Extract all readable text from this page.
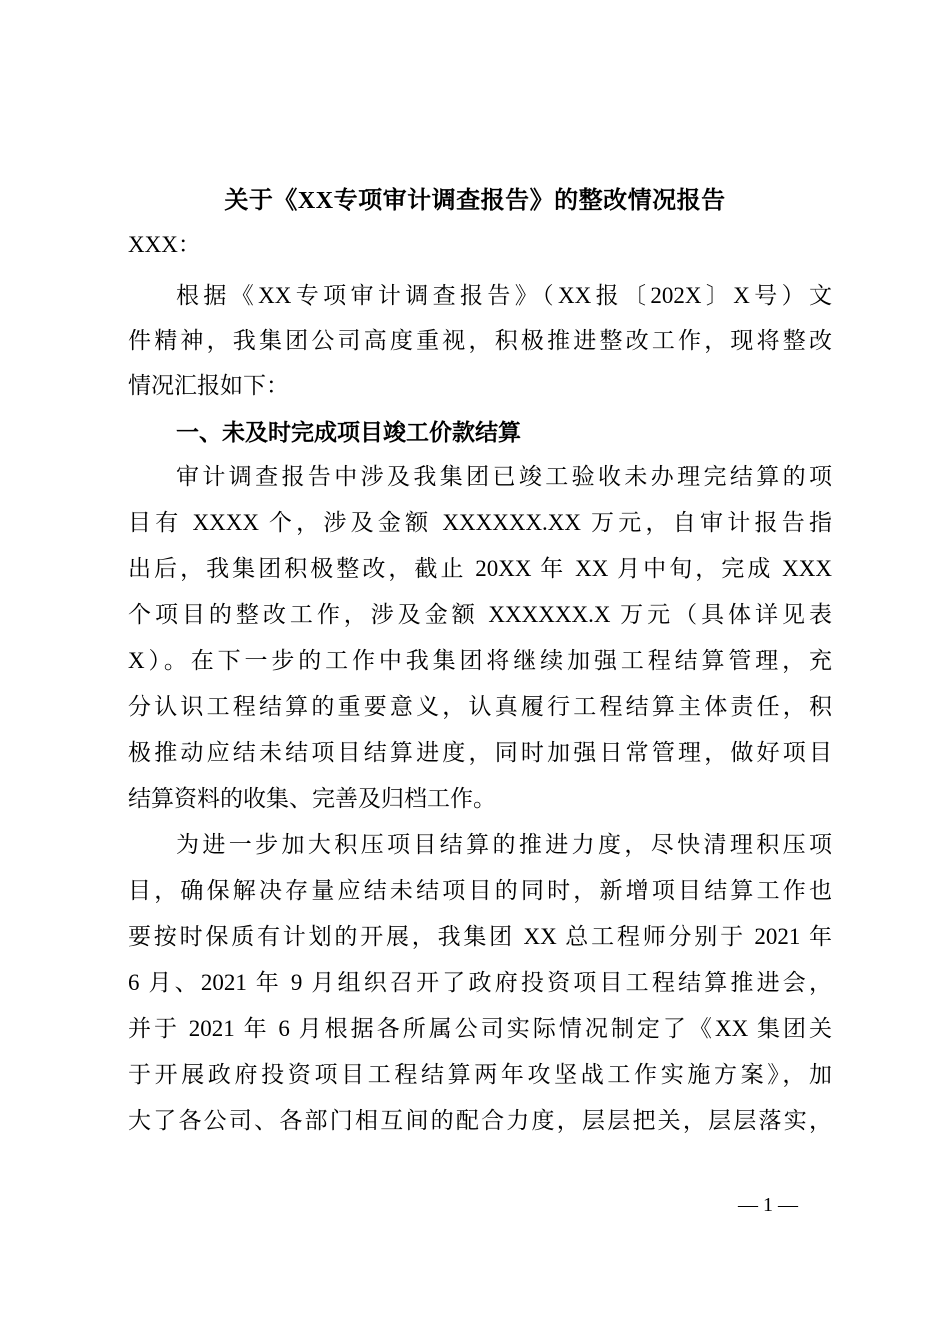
关于《XX专项审计调查报告》的整改情况报告
XXX：
根据《XX专项审计调查报告》（XX报〔202X〕X号）文
件精神，我集团公司高度重视，积极推进整改工作，现将整改
情况汇报如下：
一、未及时完成项目竣工价款结算
审计调查报告中涉及我集团已竣工验收未办理完结算的项
目有 XXXX 个，涉及金额 XXXXXX.XX 万元，自审计报告指
出后，我集团积极整改，截止 20XX 年 XX 月中旬，完成 XXX
个项目的整改工作，涉及金额 XXXXXX.X 万元（具体详见表
X）。在下一步的工作中我集团将继续加强工程结算管理，充
分认识工程结算的重要意义，认真履行工程结算主体责任，积
极推动应结未结项目结算进度，同时加强日常管理，做好项目
结算资料的收集、完善及归档工作。
为进一步加大积压项目结算的推进力度，尽快清理积压项
目，确保解决存量应结未结项目的同时，新增项目结算工作也
要按时保质有计划的开展，我集团 XX 总工程师分别于 2021 年
6 月、2021 年 9 月组织召开了政府投资项目工程结算推进会，
并于 2021 年 6 月根据各所属公司实际情况制定了《XX 集团关
于开展政府投资项目工程结算两年攻坚战工作实施方案》，加
大了各公司、各部门相互间的配合力度，层层把关，层层落实，
— 1 —
